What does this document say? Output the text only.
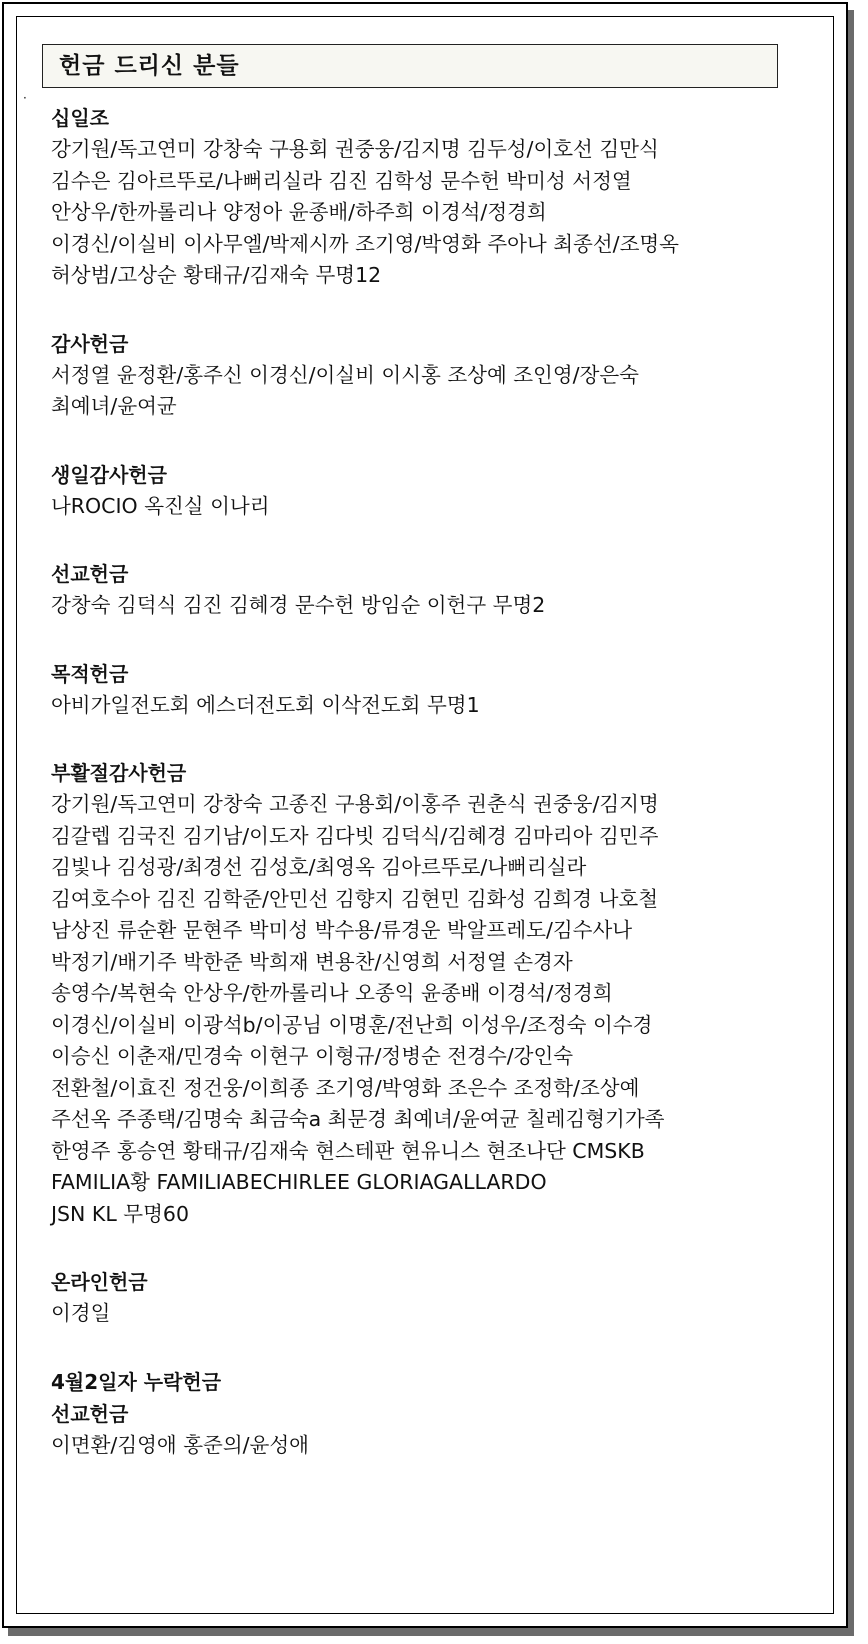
헌금 드리신 분들
·
십일조
강기원/독고연미 강창숙 구용회 권중웅/김지명 김두성/이호선 김만식
김수은 김아르뚜로/나뻐리실라 김진 김학성 문수헌 박미성 서정열
안상우/한까롤리나 양정아 윤종배/하주희 이경석/정경희
이경신/이실비 이사무엘/박제시까 조기영/박영화 주아나 최종선/조명옥
허상범/고상순 황태규/김재숙 무명12
감사헌금
서정열 윤정환/홍주신 이경신/이실비 이시홍 조상예 조인영/장은숙
최예녀/윤여균
생일감사헌금
나ROCIO 옥진실 이나리
선교헌금
강창숙 김덕식 김진 김혜경 문수헌 방임순 이헌구 무명2
목적헌금
아비가일전도회 에스더전도회 이삭전도회 무명1
부활절감사헌금
강기원/독고연미 강창숙 고종진 구용회/이홍주 권춘식 권중웅/김지명
김갈렙 김국진 김기남/이도자 김다빗 김덕식/김혜경 김마리아 김민주
김빛나 김성광/최경선 김성호/최영옥 김아르뚜로/나뻐리실라
김여호수아 김진 김학준/안민선 김향지 김현민 김화성 김희경 나호철
남상진 류순환 문현주 박미성 박수용/류경운 박알프레도/김수사나
박정기/배기주 박한준 박희재 변용찬/신영희 서정열 손경자
송영수/복현숙 안상우/한까롤리나 오종익 윤종배 이경석/정경희
이경신/이실비 이광석b/이공님 이명훈/전난희 이성우/조정숙 이수경
이승신 이춘재/민경숙 이현구 이형규/정병순 전경수/강인숙
전환철/이효진 정건웅/이희종 조기영/박영화 조은수 조정학/조상예
주선옥 주종택/김명숙 최금숙a 최문경 최예녀/윤여균 칠레김형기가족
한영주 홍승연 황태규/김재숙 현스테판 현유니스 현조나단 CMSKB
FAMILIA황 FAMILIABECHIRLEE GLORIAGALLARDO
JSN KL 무명60
온라인헌금
이경일
4월2일자 누락헌금
선교헌금
이면환/김영애 홍준의/윤성애
